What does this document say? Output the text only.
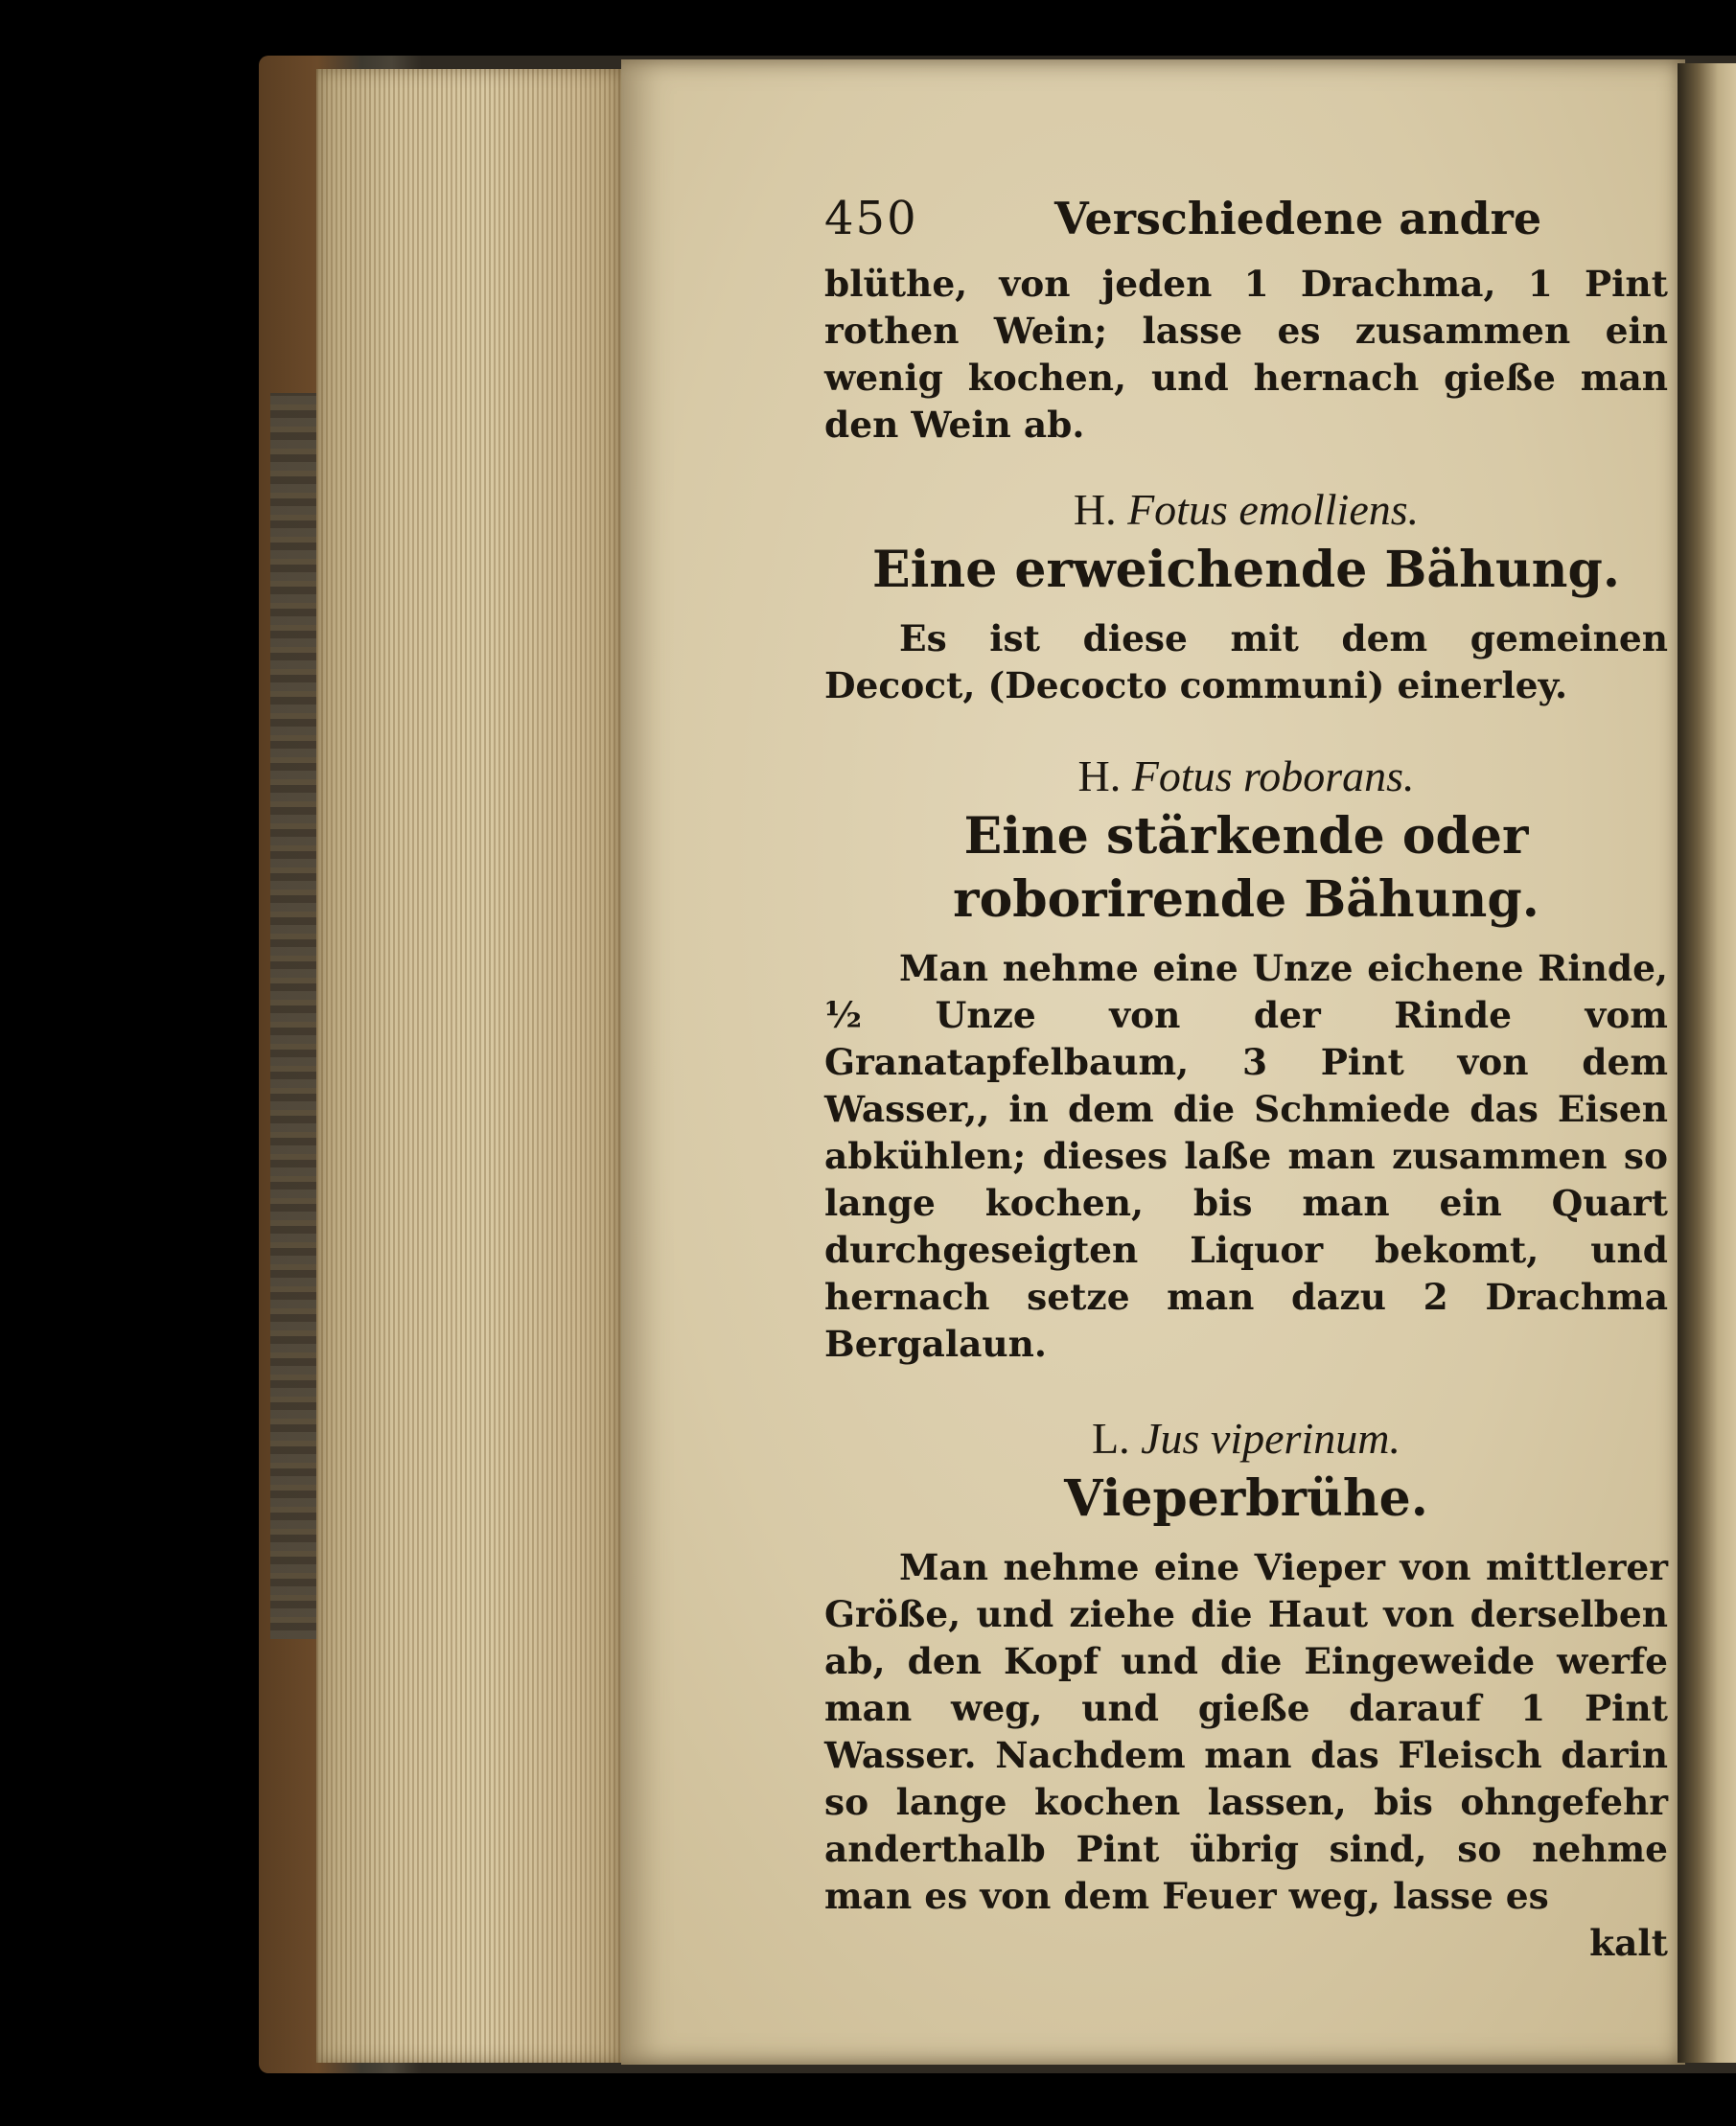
450	Verschiedene andre

blüthe, von jeden 1 Drachma, 1 Pint rothen Wein; lasse es zusammen ein wenig kochen, und hernach gieße man den Wein ab.

H. Fotus emolliens.
Eine erweichende Bähung.

Es ist diese mit dem gemeinen Decoct, (Decocto communi) einerley.

H. Fotus roborans.
Eine stärkende oder roborirende Bähung.

Man nehme eine Unze eichene Rinde, ½ Unze von der Rinde vom Granatapfelbaum, 3 Pint von dem Wasser,, in dem die Schmiede das Eisen abkühlen; dieses laße man zusammen so lange kochen, bis man ein Quart durchgeseigten Liquor bekomt, und hernach setze man dazu 2 Drachma Bergalaun.

L. Jus viperinum.
Vieperbrühe.

Man nehme eine Vieper von mittlerer Größe, und ziehe die Haut von derselben ab, den Kopf und die Eingeweide werfe man weg, und gieße darauf 1 Pint Wasser. Nachdem man das Fleisch darin so lange kochen lassen, bis ohngefehr anderthalb Pint übrig sind, so nehme man es von dem Feuer weg, lasse es

kalt
